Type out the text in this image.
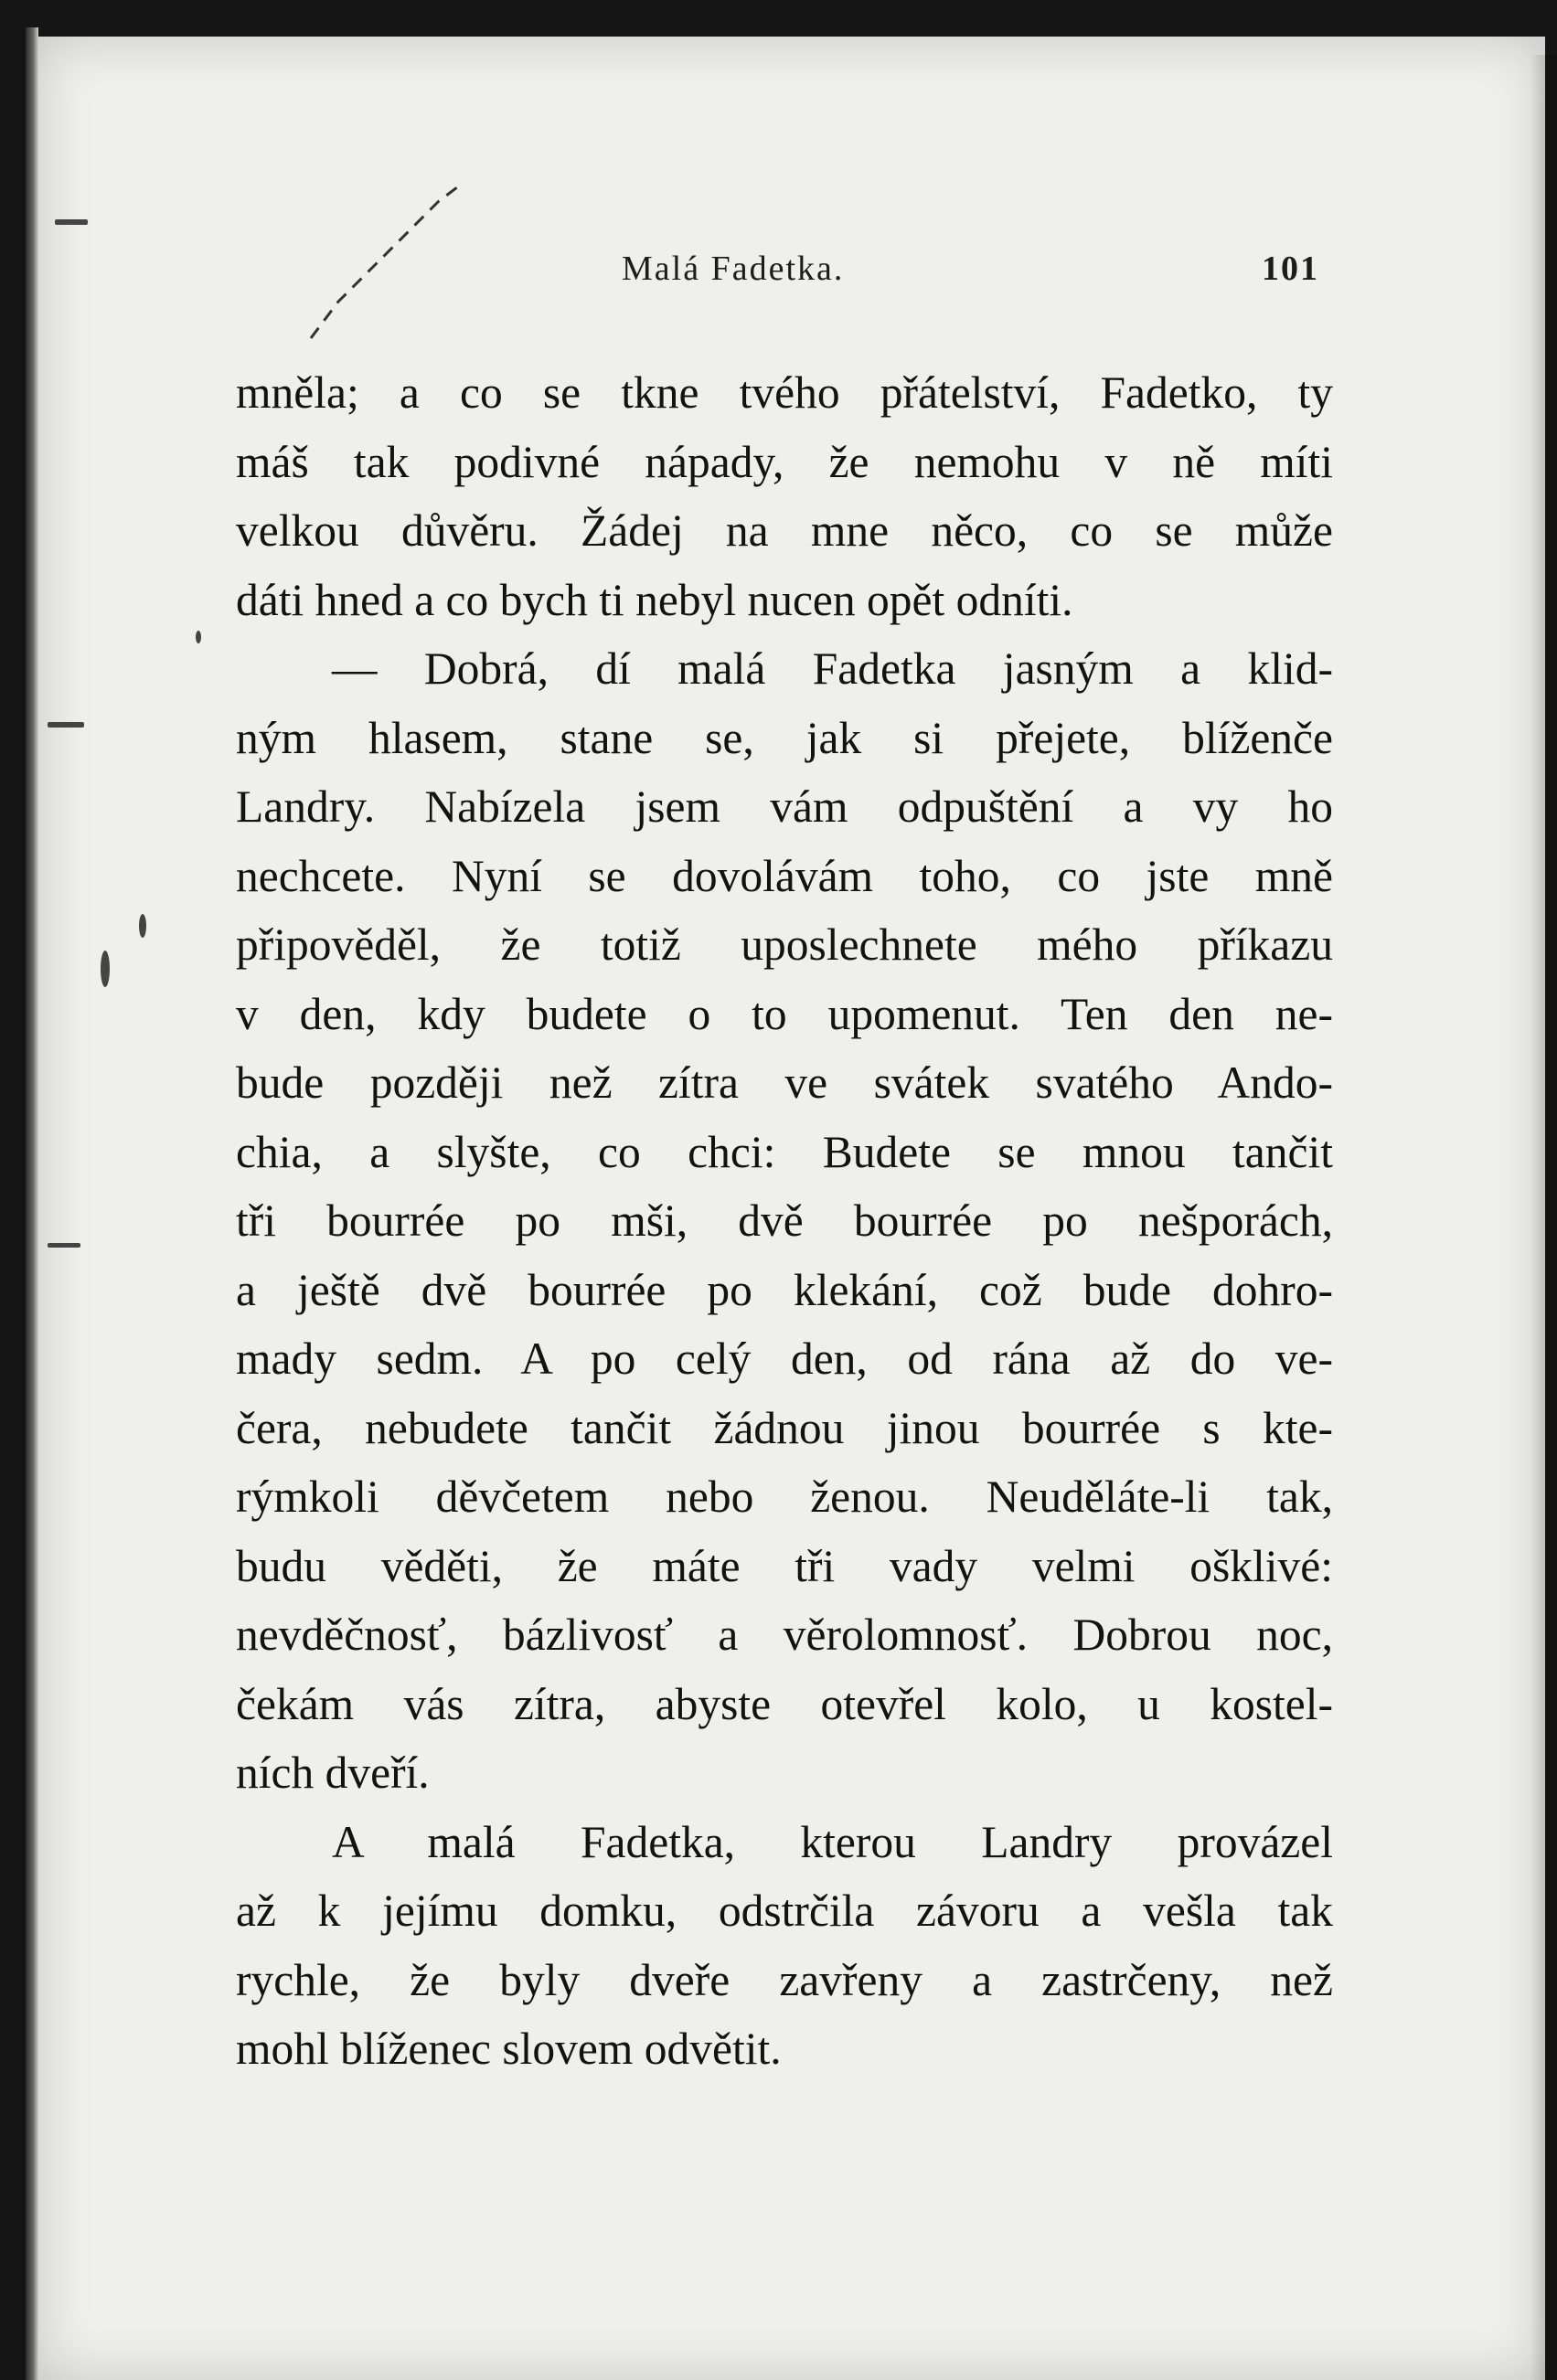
Malá Fadetka.	101
mněla; a co se tkne tvého přátelství, Fadetko, ty
máš tak podivné nápady, že nemohu v ně míti
velkou důvěru. Žádej na mne něco, co se může
dáti hned a co bych ti nebyl nucen opět odníti.
— Dobrá, dí malá Fadetka jasným a klid-
ným hlasem, stane se, jak si přejete, blíženče
Landry. Nabízela jsem vám odpuštění a vy ho
nechcete. Nyní se dovolávám toho, co jste mně
připověděl, že totiž uposlechnete mého příkazu
v den, kdy budete o to upomenut. Ten den ne-
bude později než zítra ve svátek svatého Ando-
chia, a slyšte, co chci: Budete se mnou tančit
tři bourrée po mši, dvě bourrée po nešporách,
a ještě dvě bourrée po klekání, což bude dohro-
mady sedm. A po celý den, od rána až do ve-
čera, nebudete tančit žádnou jinou bourrée s kte-
rýmkoli děvčetem nebo ženou. Neuděláte-li tak,
budu věděti, že máte tři vady velmi ošklivé:
nevděčnosť, bázlivosť a věrolomnosť. Dobrou noc,
čekám vás zítra, abyste otevřel kolo, u kostel-
ních dveří.
A malá Fadetka, kterou Landry provázel
až k jejímu domku, odstrčila závoru a vešla tak
rychle, že byly dveře zavřeny a zastrčeny, než
mohl blíženec slovem odvětit.
